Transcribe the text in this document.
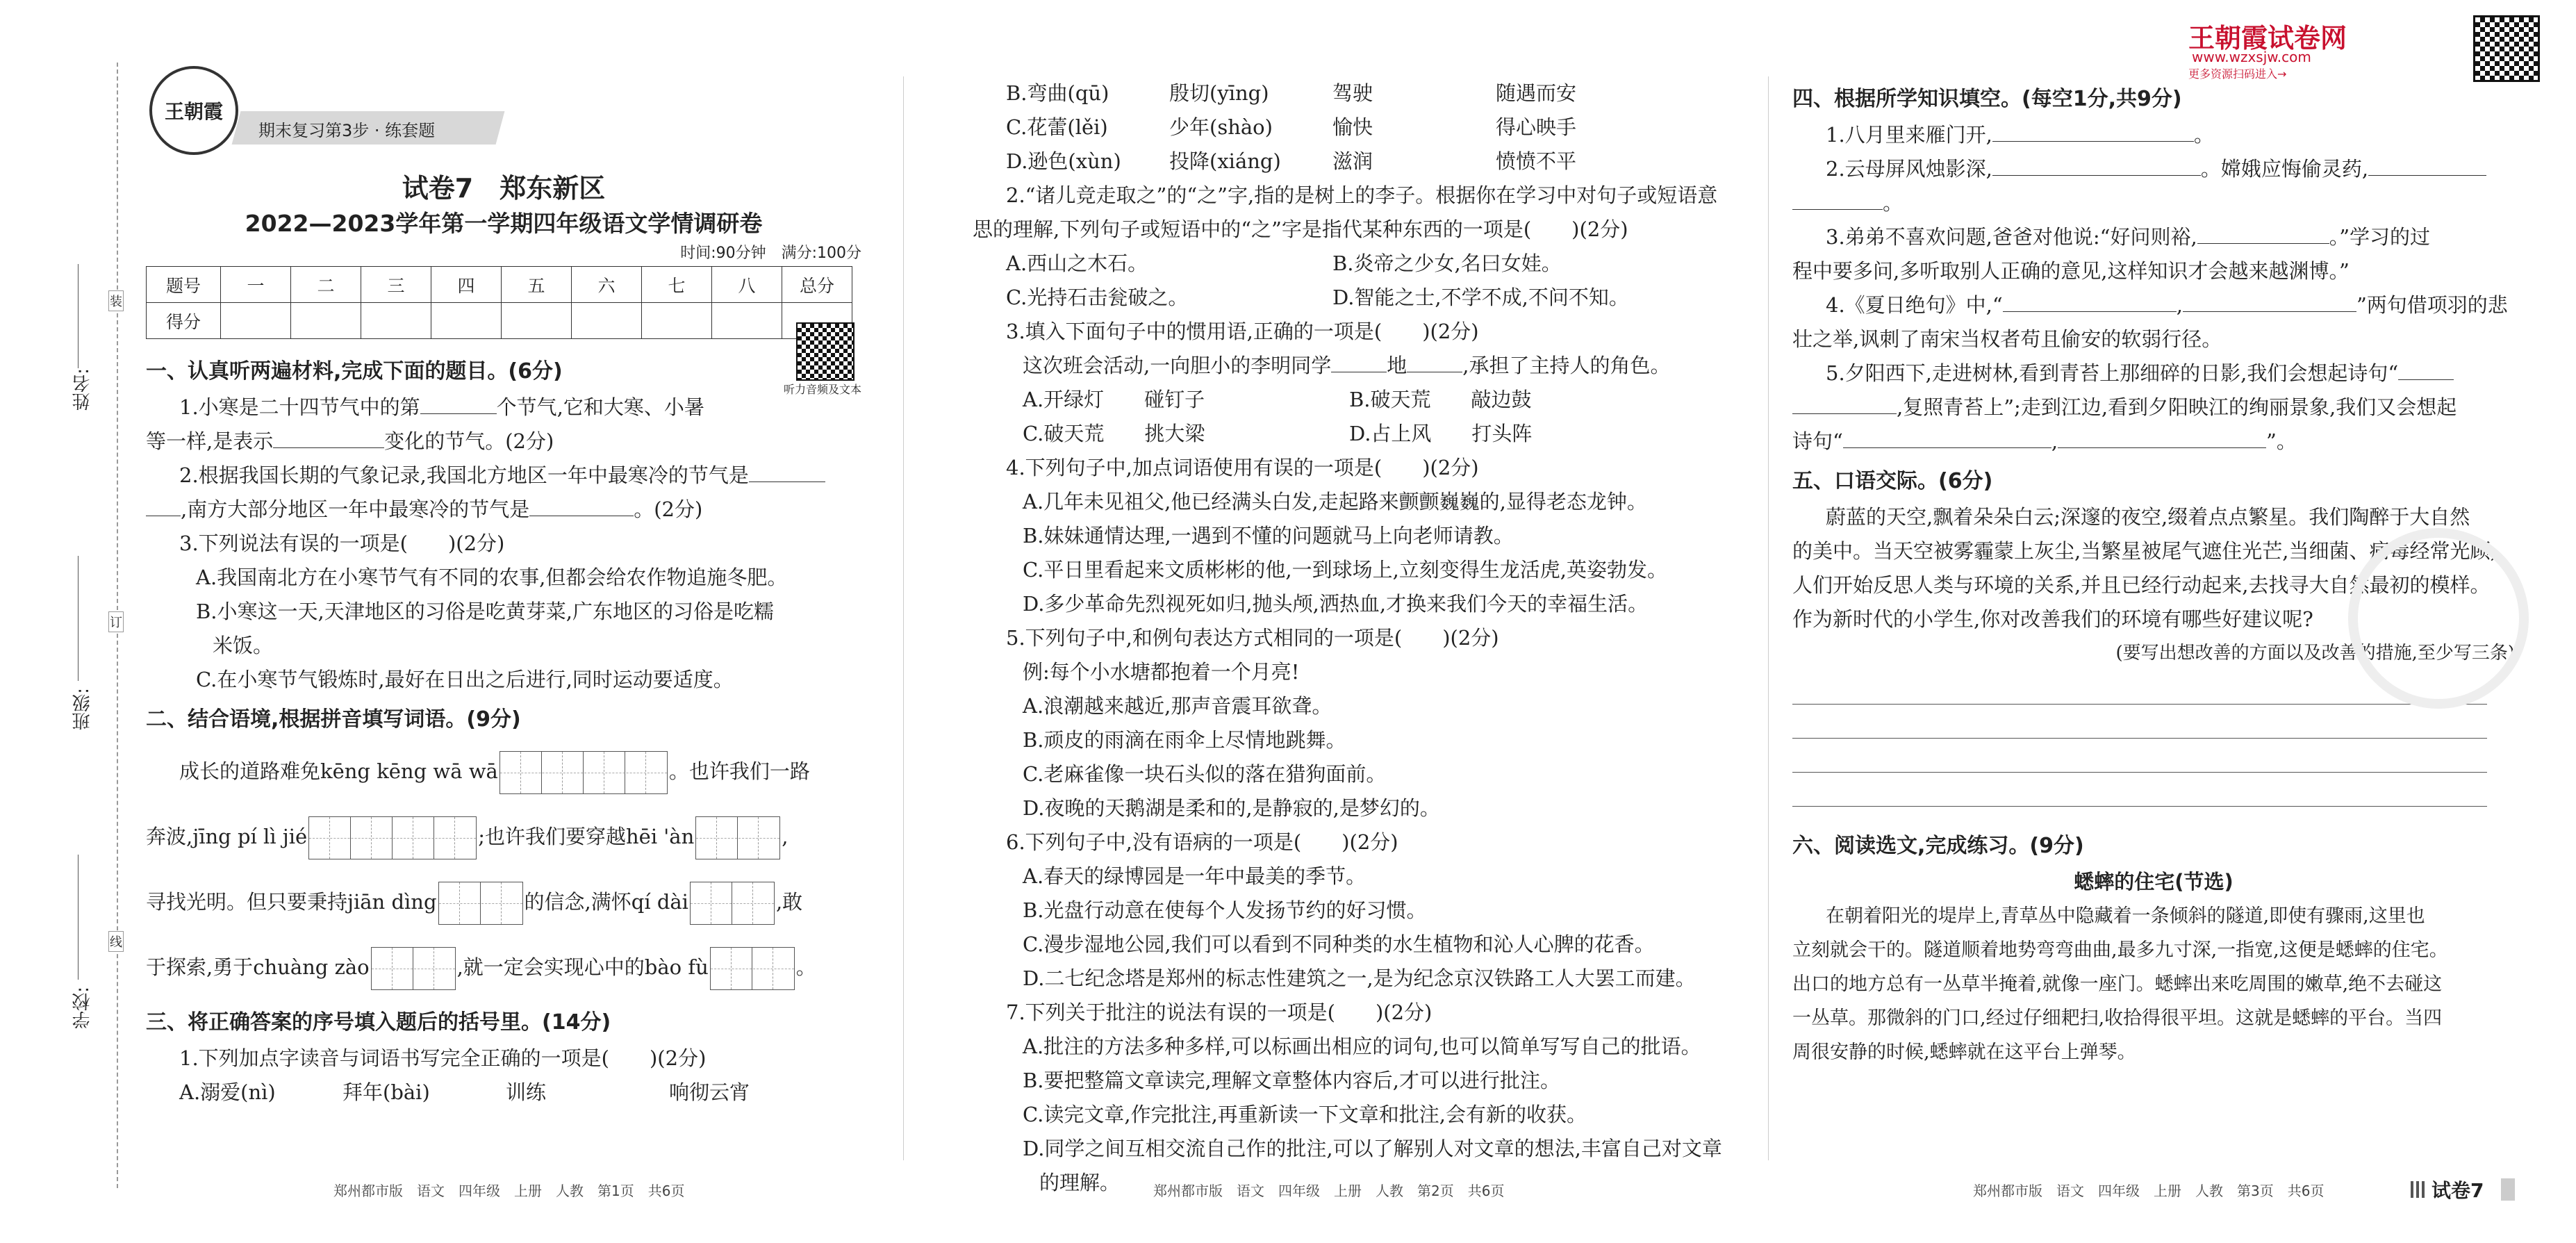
姓名:
班级:
学校:
装
订
线
王朝霞
期末复习第3步 · 练套题
王朝霞试卷网
www.wzxsjw.com
更多资源扫码进入→
试卷7　郑东新区
2022—2023学年第一学期四年级语文学情调研卷
时间:90分钟　满分:100分
题号	一	二	三	四	五	六	七	八	总分
得分									
一、认真听两遍材料,完成下面的题目。(6分)
听力音频及文本
1.小寒是二十四节气中的第	个节气,它和大寒、小暑
等一样,是表示	变化的节气。(2分)
2.根据我国长期的气象记录,我国北方地区一年中最寒冷的节气是
,南方大部分地区一年中最寒冷的节气是	。(2分)
3.下列说法有误的一项是(　　)(2分)
A.我国南北方在小寒节气有不同的农事,但都会给农作物追施冬肥。
B.小寒这一天,天津地区的习俗是吃黄芽菜,广东地区的习俗是吃糯
米饭。
C.在小寒节气锻炼时,最好在日出之后进行,同时运动要适度。
二、结合语境,根据拼音填写词语。(9分)
成长的道路难免kēng kēng wā wā	。也许我们一路
奔波,jīng pí lì jié	;也许我们要穿越hēi 'àn	,
寻找光明。但只要秉持jiān dìng	的信念,满怀qí dài	,敢
于探索,勇于chuàng zào	,就一定会实现心中的bào fù	。
三、将正确答案的序号填入题后的括号里。(14分)
1.下列加点字读音与词语书写完全正确的一项是(　　)(2分)
A.溺爱(nì)	拜年(bài)	训练	响彻云宵
B.弯曲(qū)	殷切(yīng)	驾驶	随遇而安
C.花蕾(lěi)	少年(shào)	愉快	得心映手
D.逊色(xùn)	投降(xiáng)	滋润	愤愤不平
2.“诸儿竞走取之”的“之”字,指的是树上的李子。根据你在学习中对句子或短语意
思的理解,下列句子或短语中的“之”字是指代某种东西的一项是(　　)(2分)
A.西山之木石。	B.炎帝之少女,名曰女娃。
C.光持石击瓮破之。	D.智能之士,不学不成,不问不知。
3.填入下面句子中的惯用语,正确的一项是(　　)(2分)
这次班会活动,一向胆小的李明同学	地	,承担了主持人的角色。
A.开绿灯　　碰钉子	B.破天荒　　敲边鼓
C.破天荒　　挑大梁	D.占上风　　打头阵
4.下列句子中,加点词语使用有误的一项是(　　)(2分)
A.几年未见祖父,他已经满头白发,走起路来颤颤巍巍的,显得老态龙钟。
B.妹妹通情达理,一遇到不懂的问题就马上向老师请教。
C.平日里看起来文质彬彬的他,一到球场上,立刻变得生龙活虎,英姿勃发。
D.多少革命先烈视死如归,抛头颅,洒热血,才换来我们今天的幸福生活。
5.下列句子中,和例句表达方式相同的一项是(　　)(2分)
例:每个小水塘都抱着一个月亮!
A.浪潮越来越近,那声音震耳欲聋。
B.顽皮的雨滴在雨伞上尽情地跳舞。
C.老麻雀像一块石头似的落在猎狗面前。
D.夜晚的天鹅湖是柔和的,是静寂的,是梦幻的。
6.下列句子中,没有语病的一项是(　　)(2分)
A.春天的绿博园是一年中最美的季节。
B.光盘行动意在使每个人发扬节约的好习惯。
C.漫步湿地公园,我们可以看到不同种类的水生植物和沁人心脾的花香。
D.二七纪念塔是郑州的标志性建筑之一,是为纪念京汉铁路工人大罢工而建。
7.下列关于批注的说法有误的一项是(　　)(2分)
A.批注的方法多种多样,可以标画出相应的词句,也可以简单写写自己的批语。
B.要把整篇文章读完,理解文章整体内容后,才可以进行批注。
C.读完文章,作完批注,再重新读一下文章和批注,会有新的收获。
D.同学之间互相交流自己作的批注,可以了解别人对文章的想法,丰富自己对文章
的理解。
四、根据所学知识填空。(每空1分,共9分)
1.八月里来雁门开,	。
2.云母屏风烛影深,	。嫦娥应悔偷灵药,
。
3.弟弟不喜欢问题,爸爸对他说:“好问则裕,	。”学习的过
程中要多问,多听取别人正确的意见,这样知识才会越来越渊博。”
4.《夏日绝句》中,“	,	”两句借项羽的悲
壮之举,讽刺了南宋当权者苟且偷安的软弱行径。
5.夕阳西下,走进树林,看到青苔上那细碎的日影,我们会想起诗句“
,复照青苔上”;走到江边,看到夕阳映江的绚丽景象,我们又会想起
诗句“	,	”。
五、口语交际。(6分)
蔚蓝的天空,飘着朵朵白云;深邃的夜空,缀着点点繁星。我们陶醉于大自然
的美中。当天空被雾霾蒙上灰尘,当繁星被尾气遮住光芒,当细菌、病毒经常光顾,
人们开始反思人类与环境的关系,并且已经行动起来,去找寻大自然最初的模样。
作为新时代的小学生,你对改善我们的环境有哪些好建议呢?
(要写出想改善的方面以及改善的措施,至少写三条)
六、阅读选文,完成练习。(9分)
蟋蟀的住宅(节选)
在朝着阳光的堤岸上,青草丛中隐藏着一条倾斜的隧道,即使有骤雨,这里也
立刻就会干的。隧道顺着地势弯弯曲曲,最多九寸深,一指宽,这便是蟋蟀的住宅。
出口的地方总有一丛草半掩着,就像一座门。蟋蟀出来吃周围的嫩草,绝不去碰这
一丛草。那微斜的门口,经过仔细耙扫,收拾得很平坦。这就是蟋蟀的平台。当四
周很安静的时候,蟋蟀就在这平台上弹琴。
郑州都市版　语文　四年级　上册　人教　第1页　共6页	郑州都市版　语文　四年级　上册　人教　第2页　共6页	郑州都市版　语文　四年级　上册　人教　第3页　共6页	试卷7
